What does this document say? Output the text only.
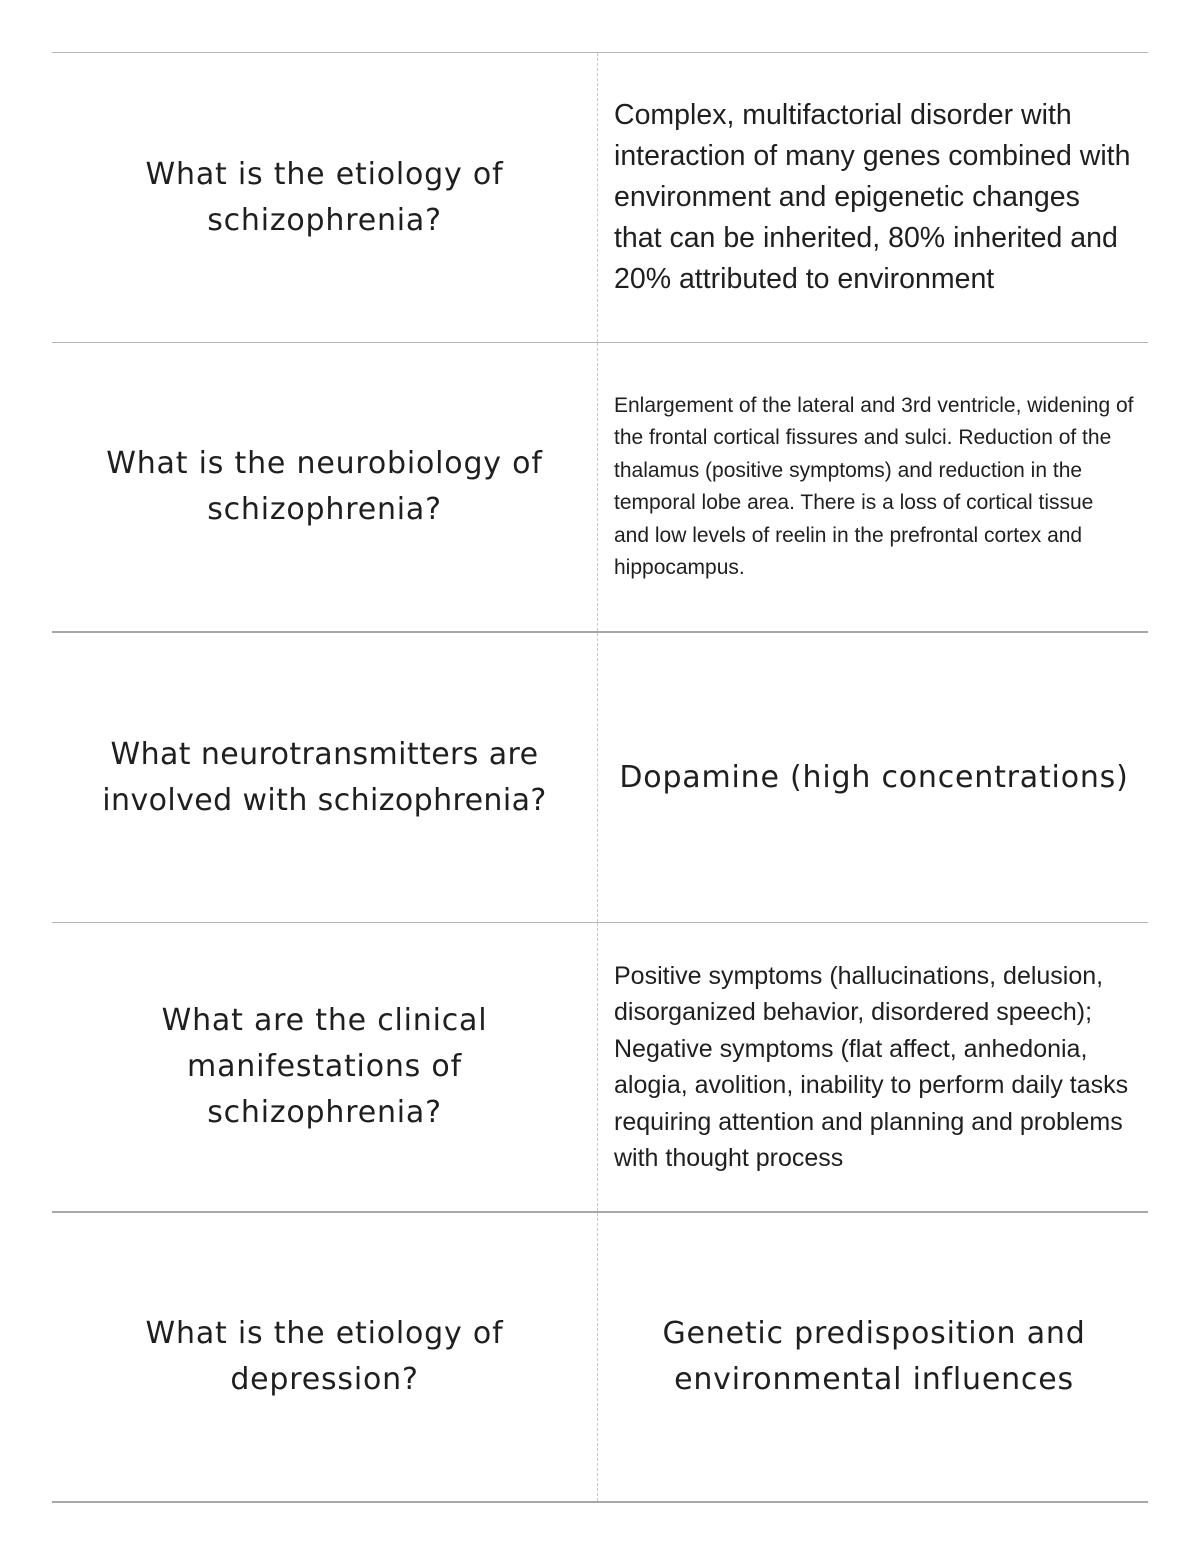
What is the etiology of schizophrenia?
Complex, multifactorial disorder with interaction of many genes combined with environment and epigenetic changes that can be inherited, 80% inherited and 20% attributed to environment
What is the neurobiology of schizophrenia?
Enlargement of the lateral and 3rd ventricle, widening of the frontal cortical fissures and sulci. Reduction of the thalamus (positive symptoms) and reduction in the temporal lobe area. There is a loss of cortical tissue and low levels of reelin in the prefrontal cortex and hippocampus.
What neurotransmitters are involved with schizophrenia?
Dopamine (high concentrations)
What are the clinical manifestations of schizophrenia?
Positive symptoms (hallucinations, delusion, disorganized behavior, disordered speech); Negative symptoms (flat affect, anhedonia, alogia, avolition, inability to perform daily tasks requiring attention and planning and problems with thought process
What is the etiology of depression?
Genetic predisposition and environmental influences
